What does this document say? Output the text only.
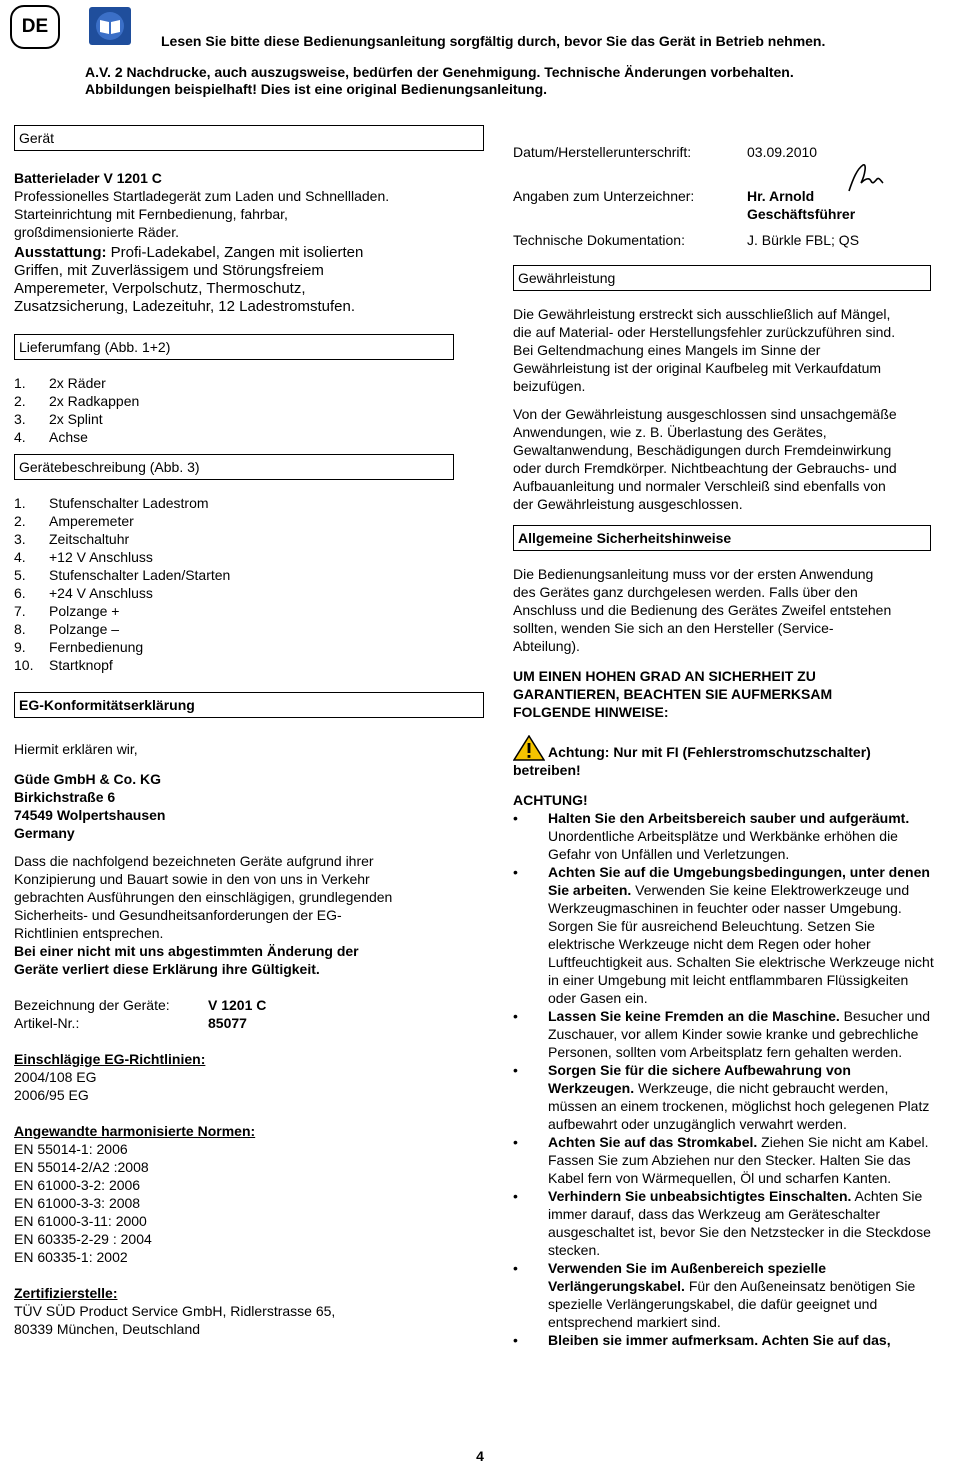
DE
Lesen Sie bitte diese Bedienungsanleitung sorgfältig durch, bevor Sie das Gerät in Betrieb nehmen.
A.V. 2 Nachdrucke, auch auszugsweise, bedürfen der Genehmigung. Technische Änderungen vorbehalten.
Abbildungen beispielhaft! Dies ist eine original Bedienungsanleitung.
Gerät

Batterielader V 1201 C

Professionelles Startladegerät zum Laden und Schnellladen.

Starteinrichtung mit Fernbedienung, fahrbar,

großdimensionierte Räder.

Ausstattung: Profi-Ladekabel, Zangen mit isolierten

Griffen, mit Zuverlässigem und Störungsfreiem

Amperemeter, Verpolschutz, Thermoschutz,

Zusatzsicherung, Ladezeituhr, 12 Ladestromstufen.

Lieferumfang (Abb. 1+2)
1.	2x Räder
2.	2x Radkappen
3.	2x Splint
4.	Achse
Gerätebeschreibung (Abb. 3)
1.	Stufenschalter Ladestrom
2.	Amperemeter
3.	Zeitschaltuhr
4.	+12 V Anschluss
5.	Stufenschalter Laden/Starten
6.	+24 V Anschluss
7.	Polzange +
8.	Polzange –
9.	Fernbedienung
10.	Startknopf
EG-Konformitätserklärung

Hiermit erklären wir,

Güde GmbH & Co. KG

Birkichstraße 6

74549 Wolpertshausen

Germany

Dass die nachfolgend bezeichneten Geräte aufgrund ihrer

Konzipierung und Bauart sowie in den von uns in Verkehr

gebrachten Ausführungen den einschlägigen, grundlegenden

Sicherheits- und Gesundheitsanforderungen der EG-

Richtlinien entsprechen.

Bei einer nicht mit uns abgestimmten Änderung der

Geräte verliert diese Erklärung ihre Gültigkeit.

Bezeichnung der Geräte:	V 1201 C
Artikel-Nr.:	85077

Einschlägige EG-Richtlinien:

2004/108 EG

2006/95 EG

Angewandte harmonisierte Normen:

EN 55014-1: 2006

EN 55014-2/A2 :2008

EN 61000-3-2: 2006

EN 61000-3-3: 2008

EN 61000-3-11: 2000

EN 60335-2-29 : 2004

EN 60335-1: 2002

Zertifizierstelle:

TÜV SÜD Product Service GmbH, Ridlerstrasse 65,

80339 München, Deutschland

Datum/Herstellerunterschrift:	03.09.2010
Angaben zum Unterzeichner:	Hr. Arnold
Geschäftsführer
Technische Dokumentation:	J. Bürkle FBL; QS
Gewährleistung

Die Gewährleistung erstreckt sich ausschließlich auf Mängel,

die auf Material- oder Herstellungsfehler zurückzuführen sind.

Bei Geltendmachung eines Mangels im Sinne der

Gewährleistung ist der original Kaufbeleg mit Verkaufdatum

beizufügen.

Von der Gewährleistung ausgeschlossen sind unsachgemäße

Anwendungen, wie z. B. Überlastung des Gerätes,

Gewaltanwendung, Beschädigungen durch Fremdeinwirkung

oder durch Fremdkörper. Nichtbeachtung der Gebrauchs- und

Aufbauanleitung und normaler Verschleiß sind ebenfalls von

der Gewährleistung ausgeschlossen.

Allgemeine Sicherheitshinweise

Die Bedienungsanleitung muss vor der ersten Anwendung

des Gerätes ganz durchgelesen werden. Falls über den

Anschluss und die Bedienung des Gerätes Zweifel entstehen

sollten, wenden Sie sich an den Hersteller (Service-

Abteilung).

UM EINEN HOHEN GRAD AN SICHERHEIT ZU

GARANTIEREN, BEACHTEN SIE AUFMERKSAM

FOLGENDE HINWEISE:

Achtung: Nur mit FI (Fehlerstromschutzschalter)

betreiben!

ACHTUNG!

• Halten Sie den Arbeitsbereich sauber und aufgeräumt. Unordentliche Arbeitsplätze und Werkbänke erhöhen die Gefahr von Unfällen und Verletzungen.
• Achten Sie auf die Umgebungsbedingungen, unter denen Sie arbeiten. Verwenden Sie keine Elektrowerkzeuge und Werkzeugmaschinen in feuchter oder nasser Umgebung. Sorgen Sie für ausreichend Beleuchtung. Setzen Sie elektrische Werkzeuge nicht dem Regen oder hoher Luftfeuchtigkeit aus. Schalten Sie elektrische Werkzeuge nicht in einer Umgebung mit leicht entflammbaren Flüssigkeiten oder Gasen ein.
• Lassen Sie keine Fremden an die Maschine. Besucher und Zuschauer, vor allem Kinder sowie kranke und gebrechliche Personen, sollten vom Arbeitsplatz fern gehalten werden.
• Sorgen Sie für die sichere Aufbewahrung von Werkzeugen. Werkzeuge, die nicht gebraucht werden, müssen an einem trockenen, möglichst hoch gelegenen Platz aufbewahrt oder unzugänglich verwahrt werden.
• Achten Sie auf das Stromkabel. Ziehen Sie nicht am Kabel. Fassen Sie zum Abziehen nur den Stecker. Halten Sie das Kabel fern von Wärmequellen, Öl und scharfen Kanten.
• Verhindern Sie unbeabsichtigtes Einschalten. Achten Sie immer darauf, dass das Werkzeug am Geräteschalter ausgeschaltet ist, bevor Sie den Netzstecker in die Steckdose stecken.
• Verwenden Sie im Außenbereich spezielle Verlängerungskabel. Für den Außeneinsatz benötigen Sie spezielle Verlängerungskabel, die dafür geeignet und entsprechend markiert sind.
• Bleiben sie immer aufmerksam. Achten Sie auf das,
4
